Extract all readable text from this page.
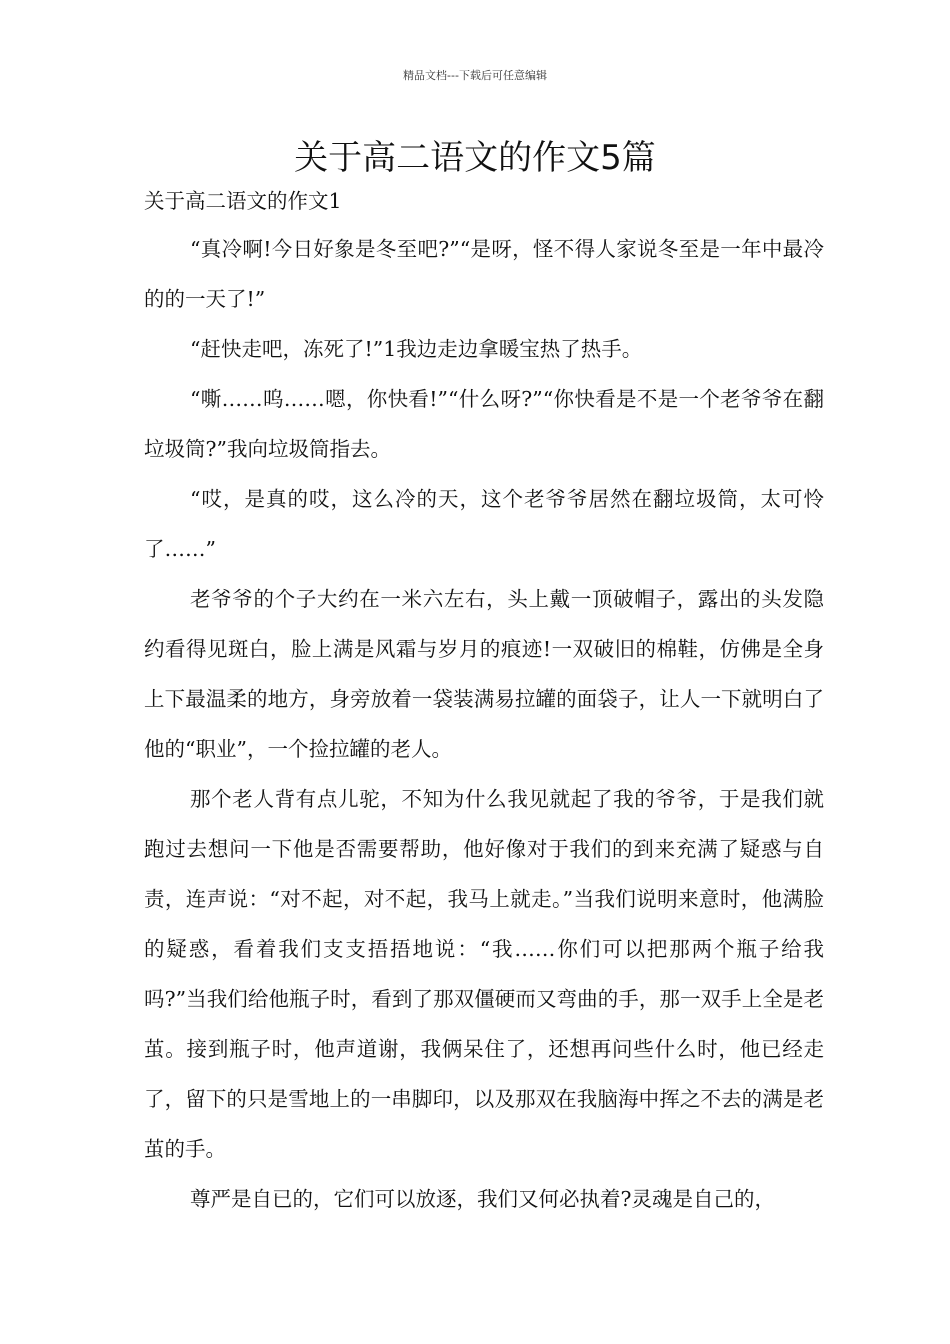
精品文档---下载后可任意编辑
关于高二语文的作文5篇
关于高二语文的作文1

“真冷啊!今日好象是冬至吧?”“是呀，怪不得人家说冬至是一年中最冷的的一天了!”

“赶快走吧，冻死了!”1我边走边拿暖宝热了热手。

“嘶……呜……嗯，你快看!”“什么呀?”“你快看是不是一个老爷爷在翻垃圾筒?”我向垃圾筒指去。

“哎，是真的哎，这么冷的天，这个老爷爷居然在翻垃圾筒，太可怜了……”

老爷爷的个子大约在一米六左右，头上戴一顶破帽子，露出的头发隐约看得见斑白，脸上满是风霜与岁月的痕迹!一双破旧的棉鞋，仿佛是全身上下最温柔的地方，身旁放着一袋装满易拉罐的面袋子，让人一下就明白了他的“职业”，一个捡拉罐的老人。

那个老人背有点儿驼，不知为什么我见就起了我的爷爷，于是我们就跑过去想问一下他是否需要帮助，他好像对于我们的到来充满了疑惑与自责，连声说：“对不起，对不起，我马上就走。”当我们说明来意时，他满脸的疑惑，看着我们支支捂捂地说：“我……你们可以把那两个瓶子给我吗?”当我们给他瓶子时，看到了那双僵硬而又弯曲的手，那一双手上全是老茧。接到瓶子时，他声道谢，我俩呆住了，还想再问些什么时，他已经走了，留下的只是雪地上的一串脚印，以及那双在我脑海中挥之不去的满是老茧的手。

尊严是自已的，它们可以放逐，我们又何必执着?灵魂是自己的，
